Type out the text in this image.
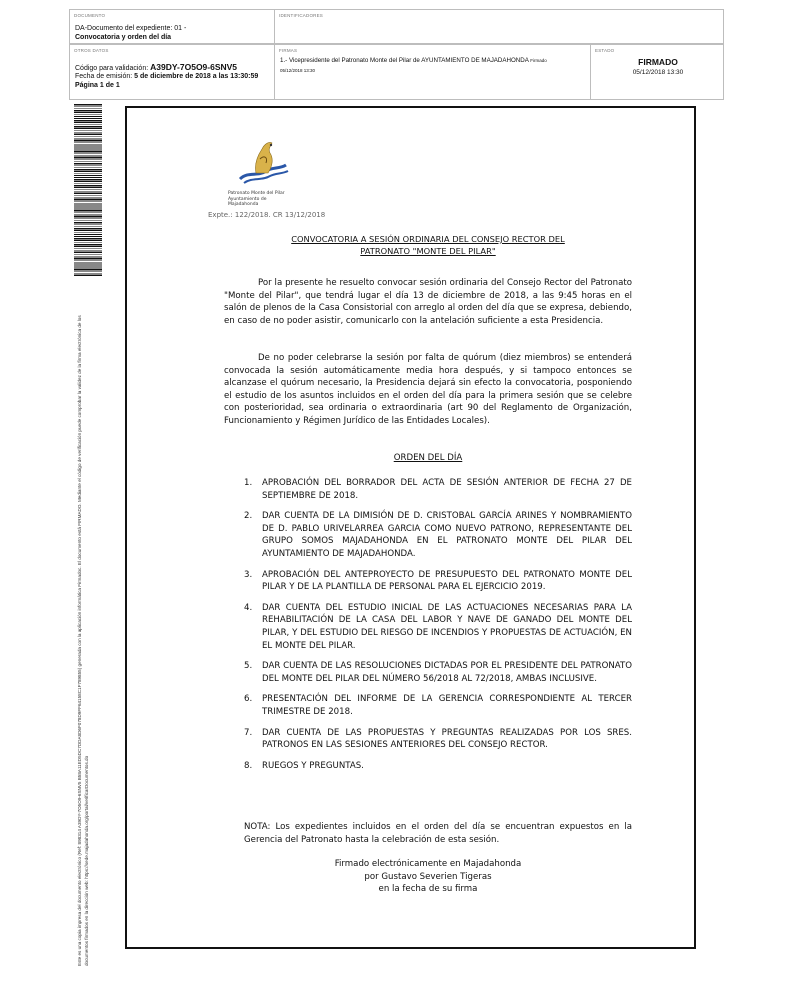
DOCUMENTO
DA-Documento del expediente: 01 -
Convocatoria y orden del día
IDENTIFICADORES
OTROS DATOS
Código para validación: A39DY-7O5O9-6SNV5
Fecha de emisión: 5 de diciembre de 2018 a las 13:30:59
Página 1 de 1
FIRMAS
1.- Vicepresidente del Patronato Monte del Pilar de AYUNTAMIENTO DE MAJADAHONDA Firmado
05/12/2018 13:30
ESTADO
FIRMADO
05/12/2018 13:30
Este es una copia impresa del documento electrónico (Ref: 898314 A39DY-7O5O9-6SNV5 B58A11ED5DC7DDA8D6F078D9FF64158C1F789855) generada con la aplicación informática Firmadoc. El documento está FIRMADO. Mediante el código de verificación puede comprobar la validez de la firma electrónica de los documentos firmados en la dirección web: https://sede.majadahonda.org/portal/verificarDocumentos.do
Patronato Monte del Pilar
Ayuntamiento de Majadahonda
Expte.: 122/2018. CR 13/12/2018
CONVOCATORIA A SESIÓN ORDINARIA DEL CONSEJO RECTOR DEL
PATRONATO "MONTE DEL PILAR"
Por la presente he resuelto convocar sesión ordinaria del Consejo Rector del Patronato "Monte del Pilar", que tendrá lugar el día 13 de diciembre de 2018, a las 9:45 horas en el salón de plenos de la Casa Consistorial con arreglo al orden del día que se expresa, debiendo, en caso de no poder asistir, comunicarlo con la antelación suficiente a esta Presidencia.
De no poder celebrarse la sesión por falta de quórum (diez miembros) se entenderá convocada la sesión automáticamente media hora después, y si tampoco entonces se alcanzase el quórum necesario, la Presidencia dejará sin efecto la convocatoria, posponiendo el estudio de los asuntos incluidos en el orden del día para la primera sesión que se celebre con posterioridad, sea ordinaria o extraordinaria (art 90 del Reglamento de Organización, Funcionamiento y Régimen Jurídico de las Entidades Locales).
ORDEN DEL DÍA
1. APROBACIÓN DEL BORRADOR DEL ACTA DE SESIÓN ANTERIOR DE FECHA 27 DE SEPTIEMBRE DE 2018.
2. DAR CUENTA DE LA DIMISIÓN DE D. CRISTOBAL GARCÍA ARINES Y NOMBRAMIENTO DE D. PABLO URIVELARREA GARCIA COMO NUEVO PATRONO, REPRESENTANTE DEL GRUPO SOMOS MAJADAHONDA EN EL PATRONATO MONTE DEL PILAR DEL AYUNTAMIENTO DE MAJADAHONDA.
3. APROBACIÓN DEL ANTEPROYECTO DE PRESUPUESTO DEL PATRONATO MONTE DEL PILAR Y DE LA PLANTILLA DE PERSONAL PARA EL EJERCICIO 2019.
4. DAR CUENTA DEL ESTUDIO INICIAL DE LAS ACTUACIONES NECESARIAS PARA LA REHABILITACIÓN DE LA CASA DEL LABOR Y NAVE DE GANADO DEL MONTE DEL PILAR, Y DEL ESTUDIO DEL RIESGO DE INCENDIOS Y PROPUESTAS DE ACTUACIÓN, EN EL MONTE DEL PILAR.
5. DAR CUENTA DE LAS RESOLUCIONES DICTADAS POR EL PRESIDENTE DEL PATRONATO DEL MONTE DEL PILAR DEL NÚMERO 56/2018 AL 72/2018, AMBAS INCLUSIVE.
6. PRESENTACIÓN DEL INFORME DE LA GERENCIA CORRESPONDIENTE AL TERCER TRIMESTRE DE 2018.
7. DAR CUENTA DE LAS PROPUESTAS Y PREGUNTAS REALIZADAS POR LOS SRES. PATRONOS EN LAS SESIONES ANTERIORES DEL CONSEJO RECTOR.
8. RUEGOS Y PREGUNTAS.
NOTA: Los expedientes incluidos en el orden del día se encuentran expuestos en la Gerencia del Patronato hasta la celebración de esta sesión.
Firmado electrónicamente en Majadahonda
por Gustavo Severien Tigeras
en la fecha de su firma
